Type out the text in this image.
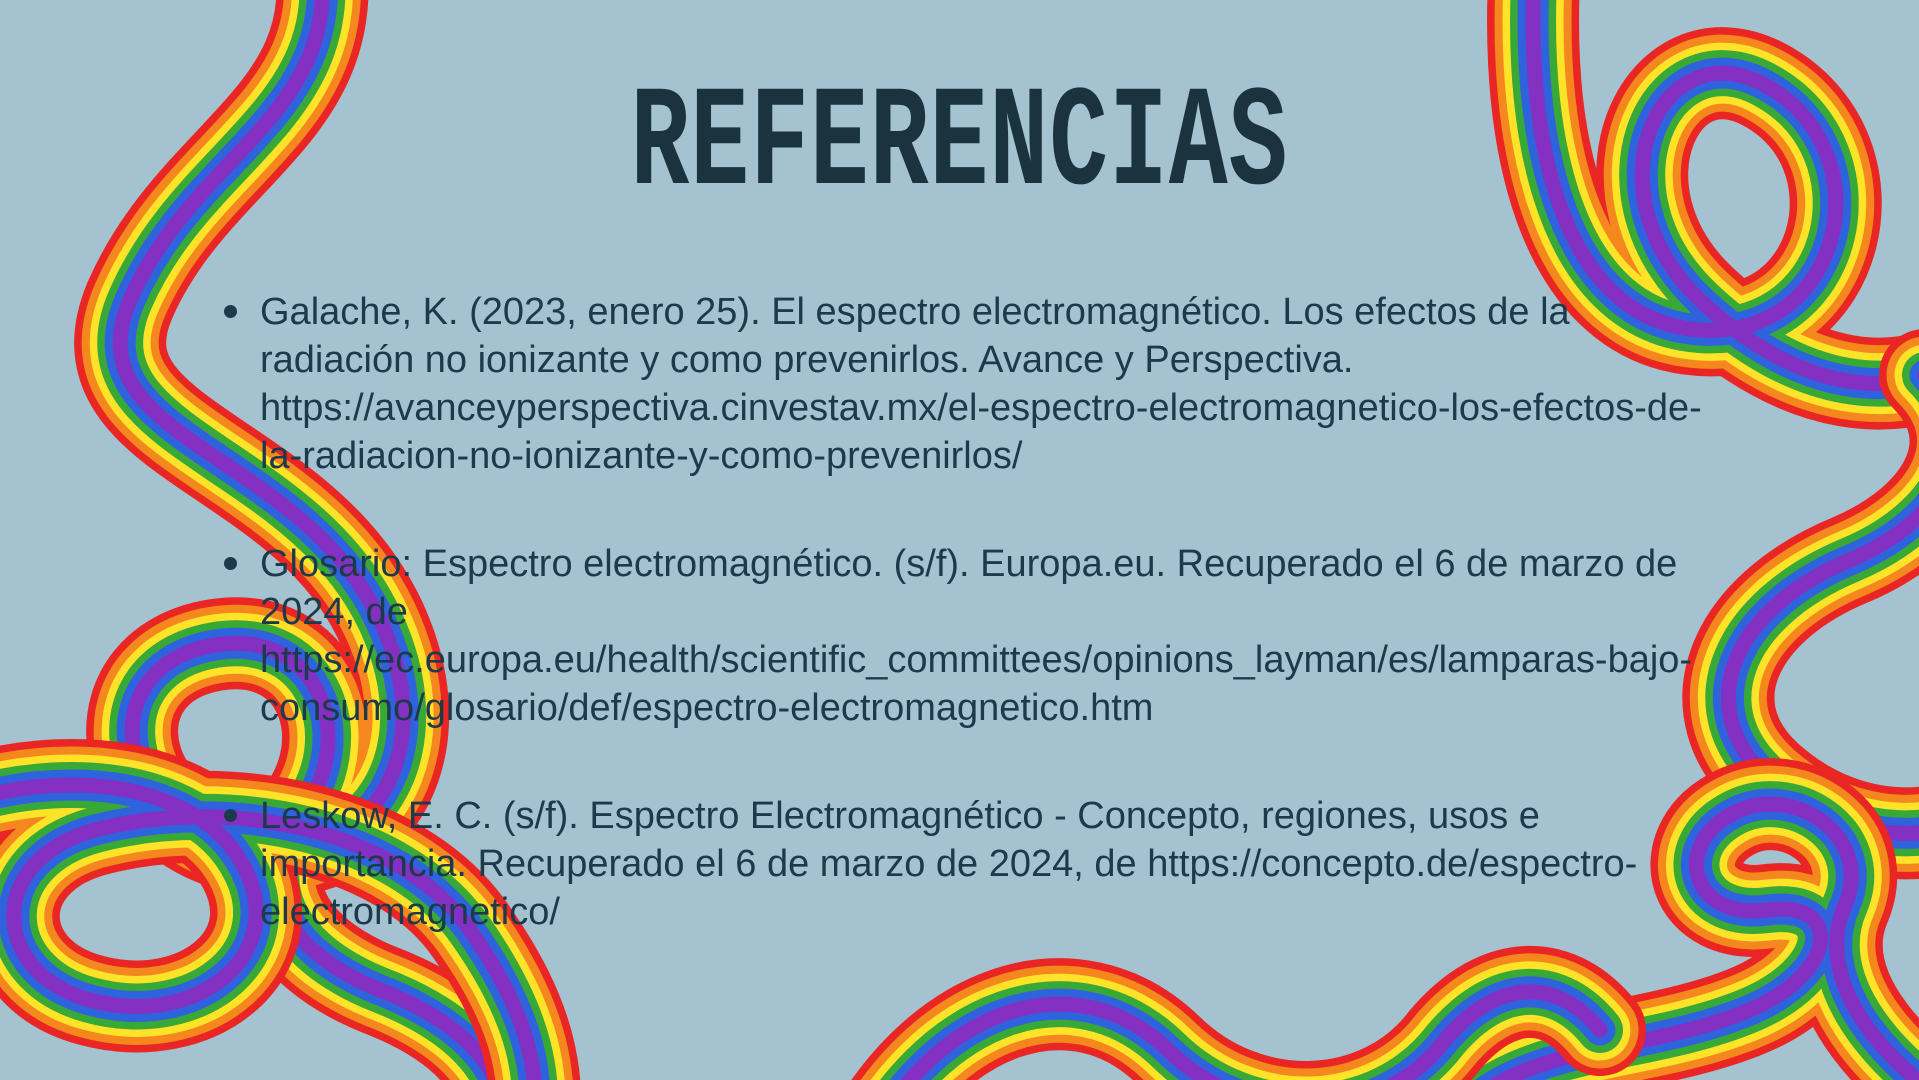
REFERENCIAS
Galache, K. (2023, enero 25). El espectro electromagnético. Los efectos de la radiación no ionizante y como prevenirlos. Avance y Perspectiva. https://avanceyperspectiva.cinvestav.mx/el-espectro-electromagnetico-los-efectos-de-la-radiacion-no-ionizante-y-como-prevenirlos/
Glosario: Espectro electromagnético. (s/f). Europa.eu. Recuperado el 6 de marzo de 2024, de https://ec.europa.eu/health/scientific_committees/opinions_layman/es/lamparas-bajo-consumo/glosario/def/espectro-electromagnetico.htm
Leskow, E. C. (s/f). Espectro Electromagnético - Concepto, regiones, usos e importancia. Recuperado el 6 de marzo de 2024, de https://concepto.de/espectro-electromagnetico/
